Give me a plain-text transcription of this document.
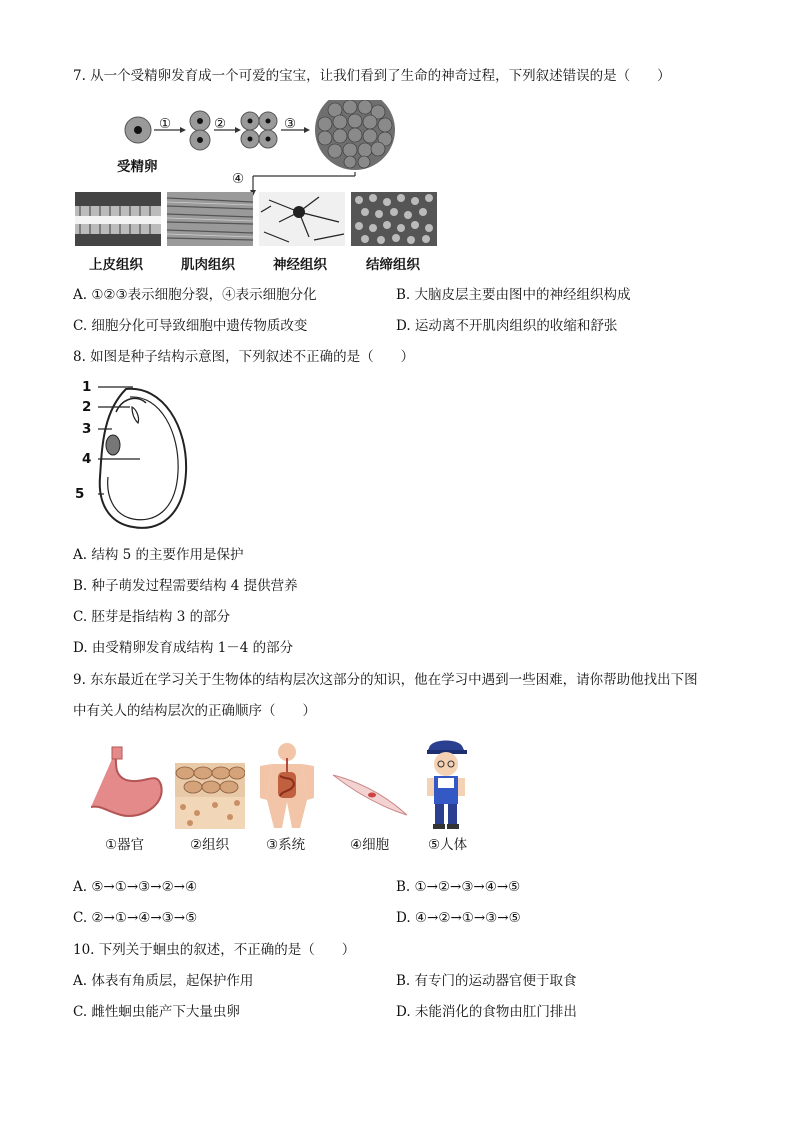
7. 从一个受精卵发育成一个可爱的宝宝，让我们看到了生命的神奇过程，下列叙述错误的是（　　）
①	②	③
④
受精卵
上皮组织	肌肉组织	神经组织	结缔组织
A. ①②③表示细胞分裂，④表示细胞分化	B. 大脑皮层主要由图中的神经组织构成
C. 细胞分化可导致细胞中遗传物质改变	D. 运动离不开肌肉组织的收缩和舒张
8. 如图是种子结构示意图，下列叙述不正确的是（　　）
1
2
3
4
5
A. 结构 5 的主要作用是保护
B. 种子萌发过程需要结构 4 提供营养
C. 胚芽是指结构 3 的部分
D. 由受精卵发育成结构 1－4 的部分
9. 东东最近在学习关于生物体的结构层次这部分的知识，他在学习中遇到一些困难，请你帮助他找出下图
中有关人的结构层次的正确顺序（　　）
①器官	②组织	③系统	④细胞	⑤人体
A. ⑤→①→③→②→④	B. ①→②→③→④→⑤
C. ②→①→④→③→⑤	D. ④→②→①→③→⑤
10. 下列关于蛔虫的叙述，不正确的是（　　）
A. 体表有角质层，起保护作用	B. 有专门的运动器官便于取食
C. 雌性蛔虫能产下大量虫卵	D. 未能消化的食物由肛门排出
